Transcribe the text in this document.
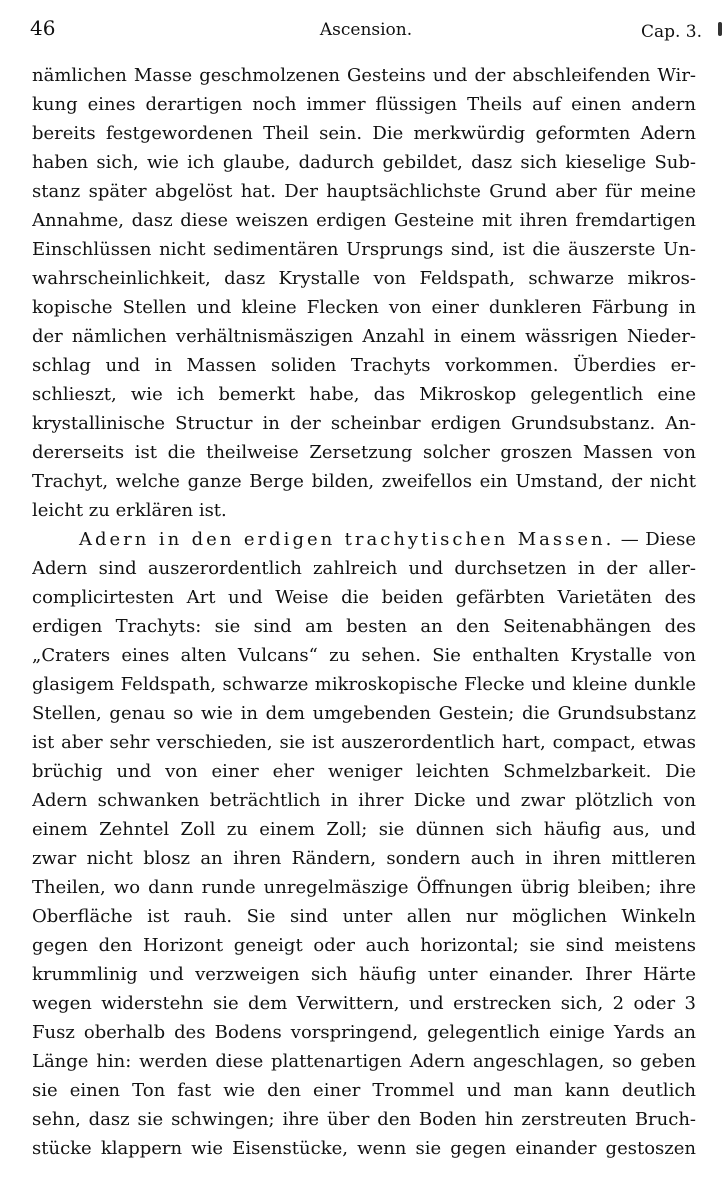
46	Ascension.	Cap. 3.
nämlichen Masse geschmolzenen Gesteins und der abschleifenden Wir-
kung eines derartigen noch immer flüssigen Theils auf einen andern
bereits festgewordenen Theil sein. Die merkwürdig geformten Adern
haben sich, wie ich glaube, dadurch gebildet, dasz sich kieselige Sub-
stanz später abgelöst hat. Der hauptsächlichste Grund aber für meine
Annahme, dasz diese weiszen erdigen Gesteine mit ihren fremdartigen
Einschlüssen nicht sedimentären Ursprungs sind, ist die äuszerste Un-
wahrscheinlichkeit, dasz Krystalle von Feldspath, schwarze mikros-
kopische Stellen und kleine Flecken von einer dunkleren Färbung in
der nämlichen verhältnismäszigen Anzahl in einem wässrigen Nieder-
schlag und in Massen soliden Trachyts vorkommen. Überdies er-
schlieszt, wie ich bemerkt habe, das Mikroskop gelegentlich eine
krystallinische Structur in der scheinbar erdigen Grundsubstanz. An-
dererseits ist die theilweise Zersetzung solcher groszen Massen von
Trachyt, welche ganze Berge bilden, zweifellos ein Umstand, der nicht
leicht zu erklären ist.
Adern in den erdigen trachytischen Massen. — Diese
Adern sind auszerordentlich zahlreich und durchsetzen in der aller-
complicirtesten Art und Weise die beiden gefärbten Varietäten des
erdigen Trachyts: sie sind am besten an den Seitenabhängen des
„Craters eines alten Vulcans“ zu sehen. Sie enthalten Krystalle von
glasigem Feldspath, schwarze mikroskopische Flecke und kleine dunkle
Stellen, genau so wie in dem umgebenden Gestein; die Grundsubstanz
ist aber sehr verschieden, sie ist auszerordentlich hart, compact, etwas
brüchig und von einer eher weniger leichten Schmelzbarkeit. Die
Adern schwanken beträchtlich in ihrer Dicke und zwar plötzlich von
einem Zehntel Zoll zu einem Zoll; sie dünnen sich häufig aus, und
zwar nicht blosz an ihren Rändern, sondern auch in ihren mittleren
Theilen, wo dann runde unregelmäszige Öffnungen übrig bleiben; ihre
Oberfläche ist rauh. Sie sind unter allen nur möglichen Winkeln
gegen den Horizont geneigt oder auch horizontal; sie sind meistens
krummlinig und verzweigen sich häufig unter einander. Ihrer Härte
wegen widerstehn sie dem Verwittern, und erstrecken sich, 2 oder 3
Fusz oberhalb des Bodens vorspringend, gelegentlich einige Yards an
Länge hin: werden diese plattenartigen Adern angeschlagen, so geben
sie einen Ton fast wie den einer Trommel und man kann deutlich
sehn, dasz sie schwingen; ihre über den Boden hin zerstreuten Bruch-
stücke klappern wie Eisenstücke, wenn sie gegen einander gestoszen
